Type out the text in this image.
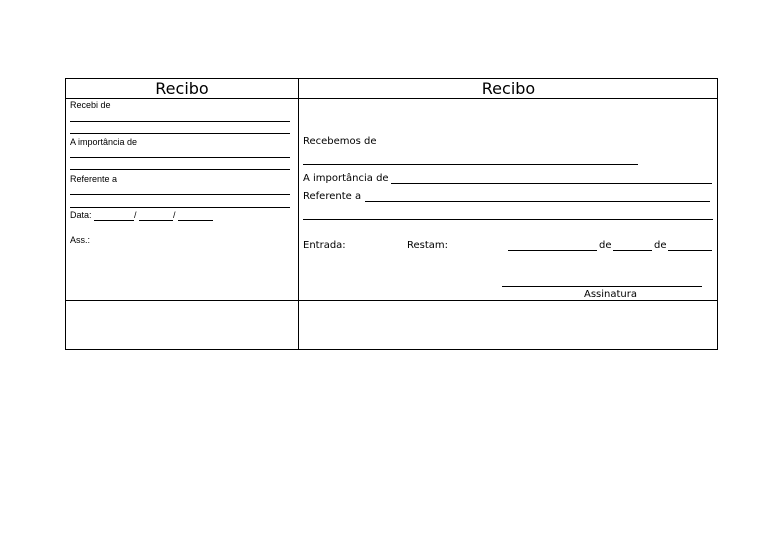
Recibo
Recebi de
A importância de
Referente a
Data:	/	/
Ass.:
Recibo
Recebemos de
A importância de
Referente a
Entrada:	Restam:	de	de
Assinatura
